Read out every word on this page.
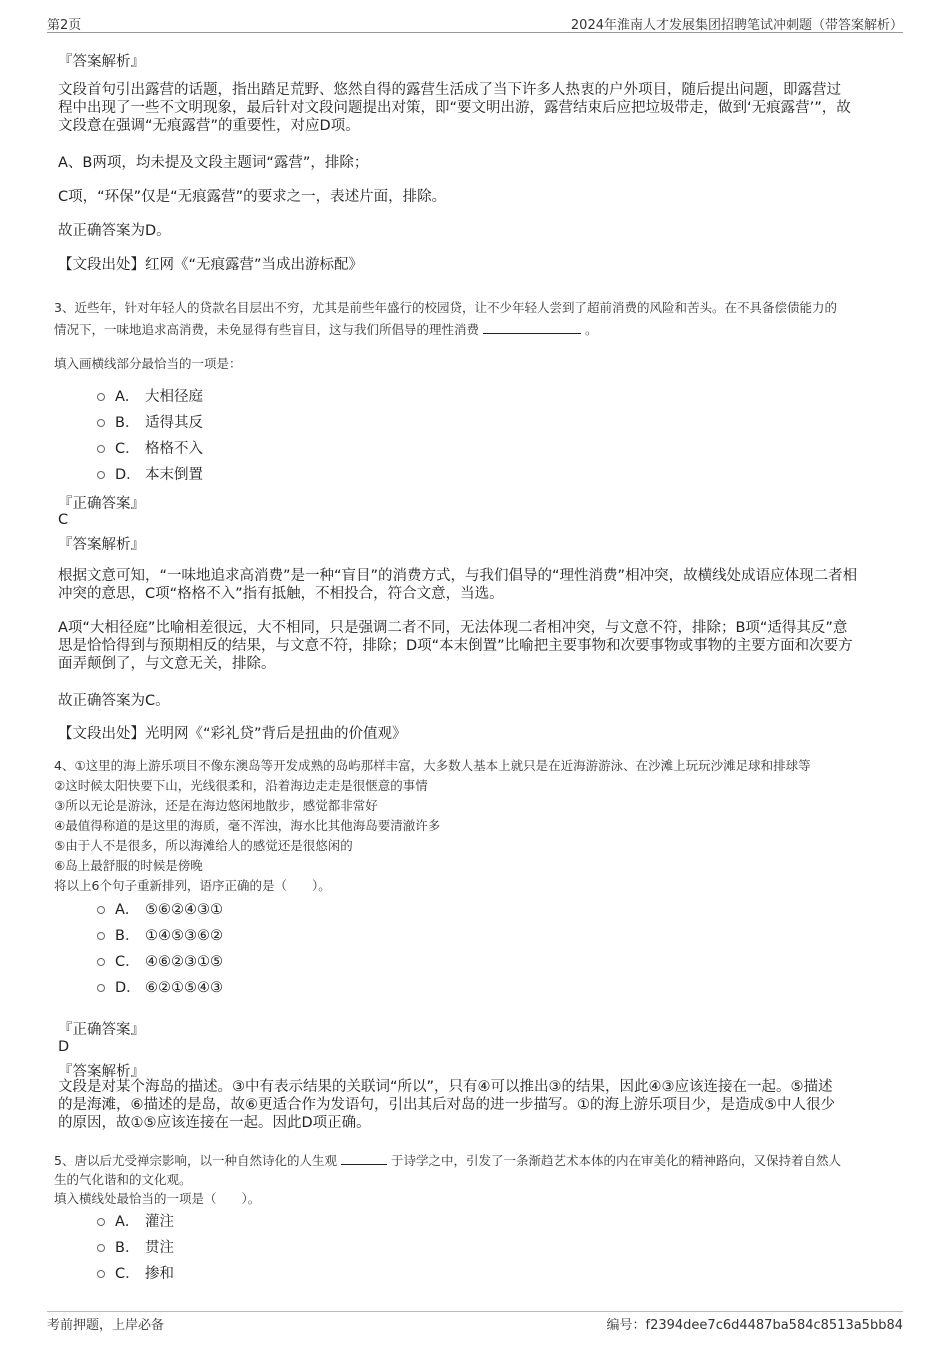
第2页	2024年淮南人才发展集团招聘笔试冲刺题（带答案解析）
『答案解析』
文段首句引出露营的话题，指出踏足荒野、悠然自得的露营生活成了当下许多人热衷的户外项目，随后提出问题，即露营过
程中出现了一些不文明现象，最后针对文段问题提出对策，即“要文明出游，露营结束后应把垃圾带走，做到‘无痕露营’”，故
文段意在强调“无痕露营”的重要性，对应D项。
A、B两项，均未提及文段主题词“露营”，排除；
C项，“环保”仅是“无痕露营”的要求之一，表述片面，排除。
故正确答案为D。
【文段出处】红网《“无痕露营”当成出游标配》
3、近些年，针对年轻人的贷款名目层出不穷，尤其是前些年盛行的校园贷，让不少年轻人尝到了超前消费的风险和苦头。在不具备偿债能力的
情况下，一味地追求高消费，未免显得有些盲目，这与我们所倡导的理性消费	。
填入画横线部分最恰当的一项是：
A． 大相径庭
B． 适得其反
C． 格格不入
D． 本末倒置
『正确答案』
C
『答案解析』
根据文意可知，“一味地追求高消费”是一种“盲目”的消费方式，与我们倡导的“理性消费”相冲突，故横线处成语应体现二者相
冲突的意思，C项“格格不入”指有抵触，不相投合，符合文意，当选。
A项“大相径庭”比喻相差很远，大不相同，只是强调二者不同，无法体现二者相冲突，与文意不符，排除；B项“适得其反”意
思是恰恰得到与预期相反的结果，与文意不符，排除；D项“本末倒置”比喻把主要事物和次要事物或事物的主要方面和次要方
面弄颠倒了，与文意无关，排除。
故正确答案为C。
【文段出处】光明网《“彩礼贷”背后是扭曲的价值观》
4、①这里的海上游乐项目不像东澳岛等开发成熟的岛屿那样丰富，大多数人基本上就只是在近海游游泳、在沙滩上玩玩沙滩足球和排球等
②这时候太阳快要下山，光线很柔和，沿着海边走走是很惬意的事情
③所以无论是游泳，还是在海边悠闲地散步，感觉都非常好
④最值得称道的是这里的海质，毫不浑浊，海水比其他海岛要清澈许多
⑤由于人不是很多，所以海滩给人的感觉还是很悠闲的
⑥岛上最舒服的时候是傍晚
将以上6个句子重新排列，语序正确的是（　　）。
A． ⑤⑥②④③①
B． ①④⑤③⑥②
C． ④⑥②③①⑤
D． ⑥②①⑤④③
『正确答案』
D
『答案解析』
文段是对某个海岛的描述。③中有表示结果的关联词“所以”，只有④可以推出③的结果，因此④③应该连接在一起。⑤描述
的是海滩，⑥描述的是岛，故⑥更适合作为发语句，引出其后对岛的进一步描写。①的海上游乐项目少，是造成⑤中人很少
的原因，故①⑤应该连接在一起。因此D项正确。
5、唐以后尤受禅宗影响，以一种自然诗化的人生观	于诗学之中，引发了一条渐趋艺术本体的内在审美化的精神路向，又保持着自然人
生的气化谐和的文化观。
填入横线处最恰当的一项是（　　）。
A． 灌注
B． 贯注
C． 掺和
考前押题，上岸必备	编号：f2394dee7c6d4487ba584c8513a5bb84
